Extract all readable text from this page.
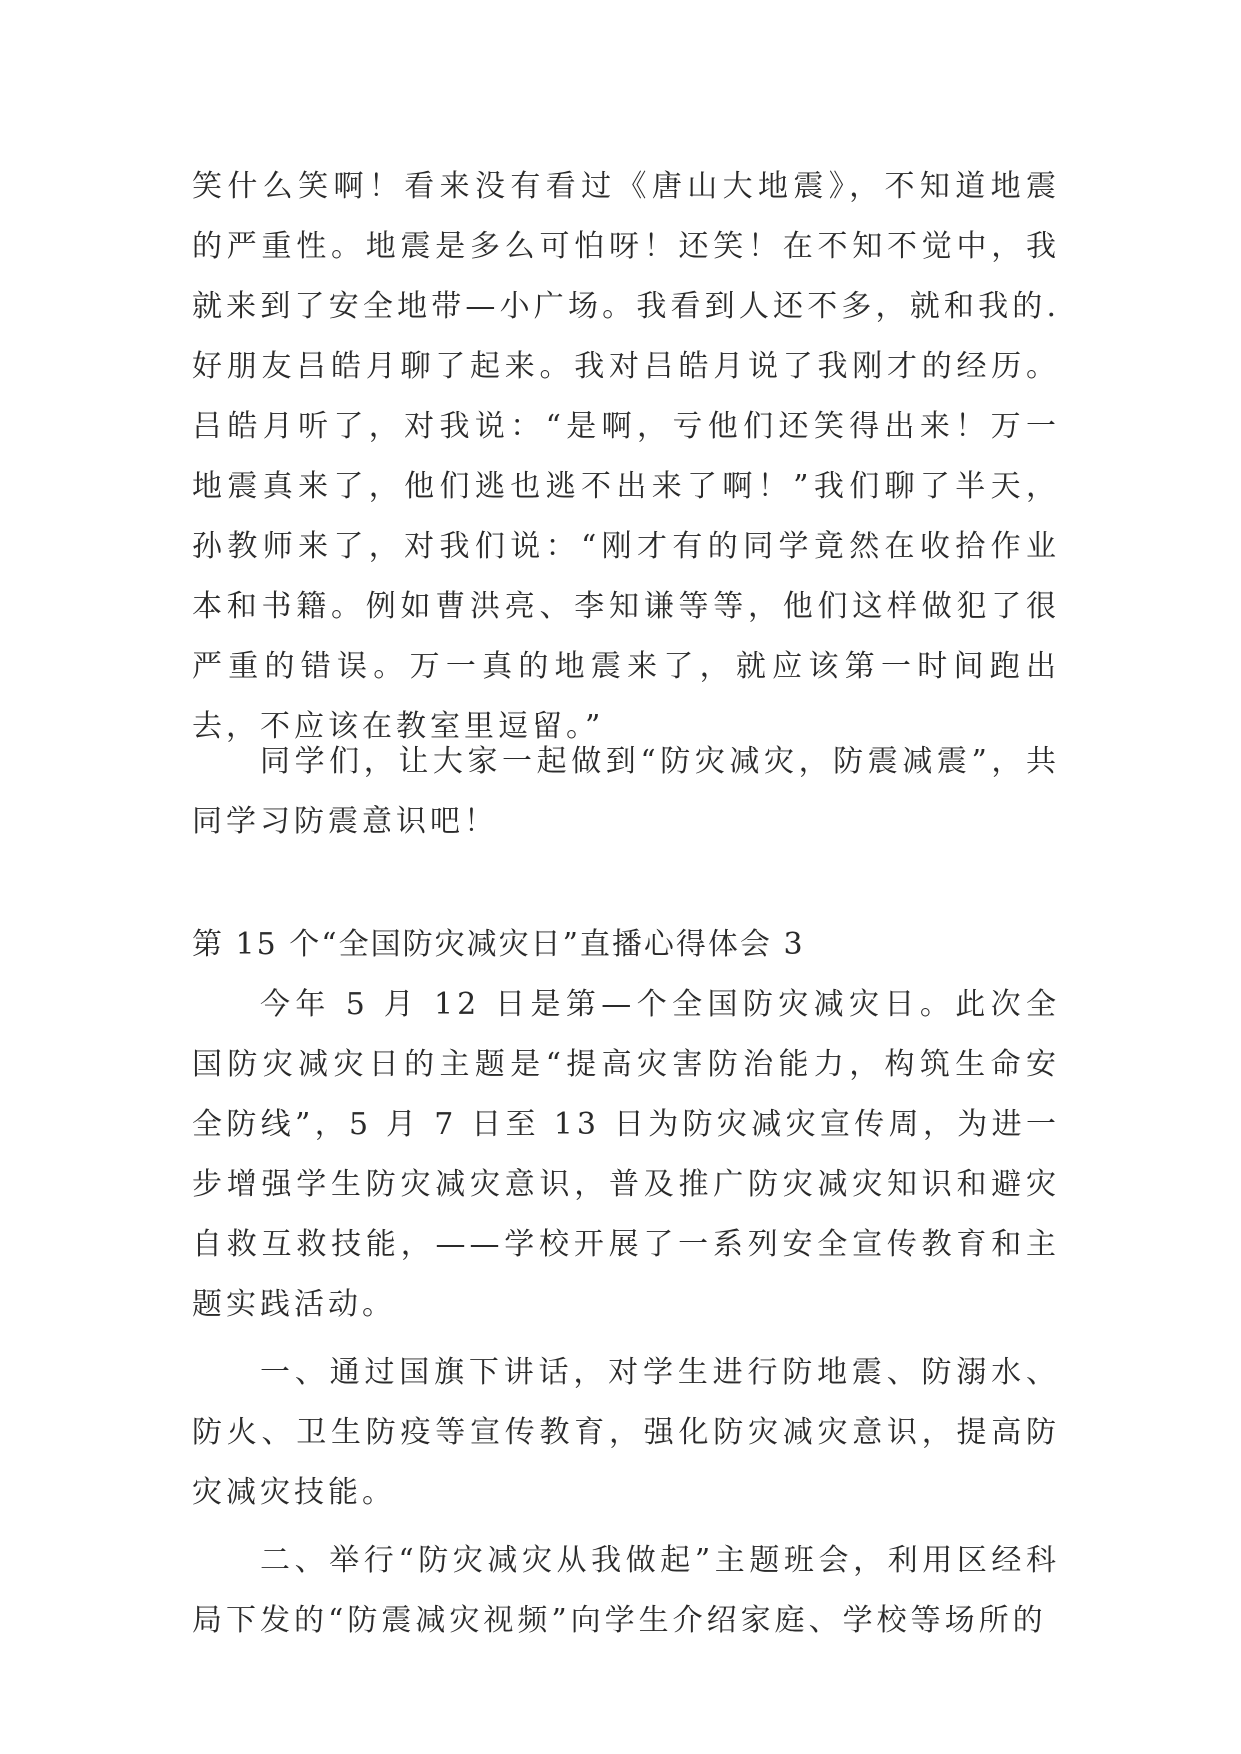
笑什么笑啊！看来没有看过《唐山大地震》，不知道地震的严重性。地震是多么可怕呀！还笑！在不知不觉中，我就来到了安全地带—小广场。我看到人还不多，就和我的.好朋友吕皓月聊了起来。我对吕皓月说了我刚才的经历。吕皓月听了，对我说：“是啊，亏他们还笑得出来！万一地震真来了，他们逃也逃不出来了啊！”我们聊了半天，孙教师来了，对我们说：“刚才有的同学竟然在收拾作业本和书籍。例如曹洪亮、李知谦等等，他们这样做犯了很严重的错误。万一真的地震来了，就应该第一时间跑出去，不应该在教室里逗留。”

同学们，让大家一起做到“防灾减灾，防震减震”，共同学习防震意识吧！

第 15 个“全国防灾减灾日”直播心得体会 3

今年 5 月 12 日是第—个全国防灾减灾日。此次全国防灾减灾日的主题是“提高灾害防治能力，构筑生命安全防线”，5 月 7 日至 13 日为防灾减灾宣传周，为进一步增强学生防灾减灾意识，普及推广防灾减灾知识和避灾自救互救技能，——学校开展了一系列安全宣传教育和主题实践活动。

一、通过国旗下讲话，对学生进行防地震、防溺水、防火、卫生防疫等宣传教育，强化防灾减灾意识，提高防灾减灾技能。

二、举行“防灾减灾从我做起”主题班会，利用区经科局下发的“防震减灾视频”向学生介绍家庭、学校等场所的
